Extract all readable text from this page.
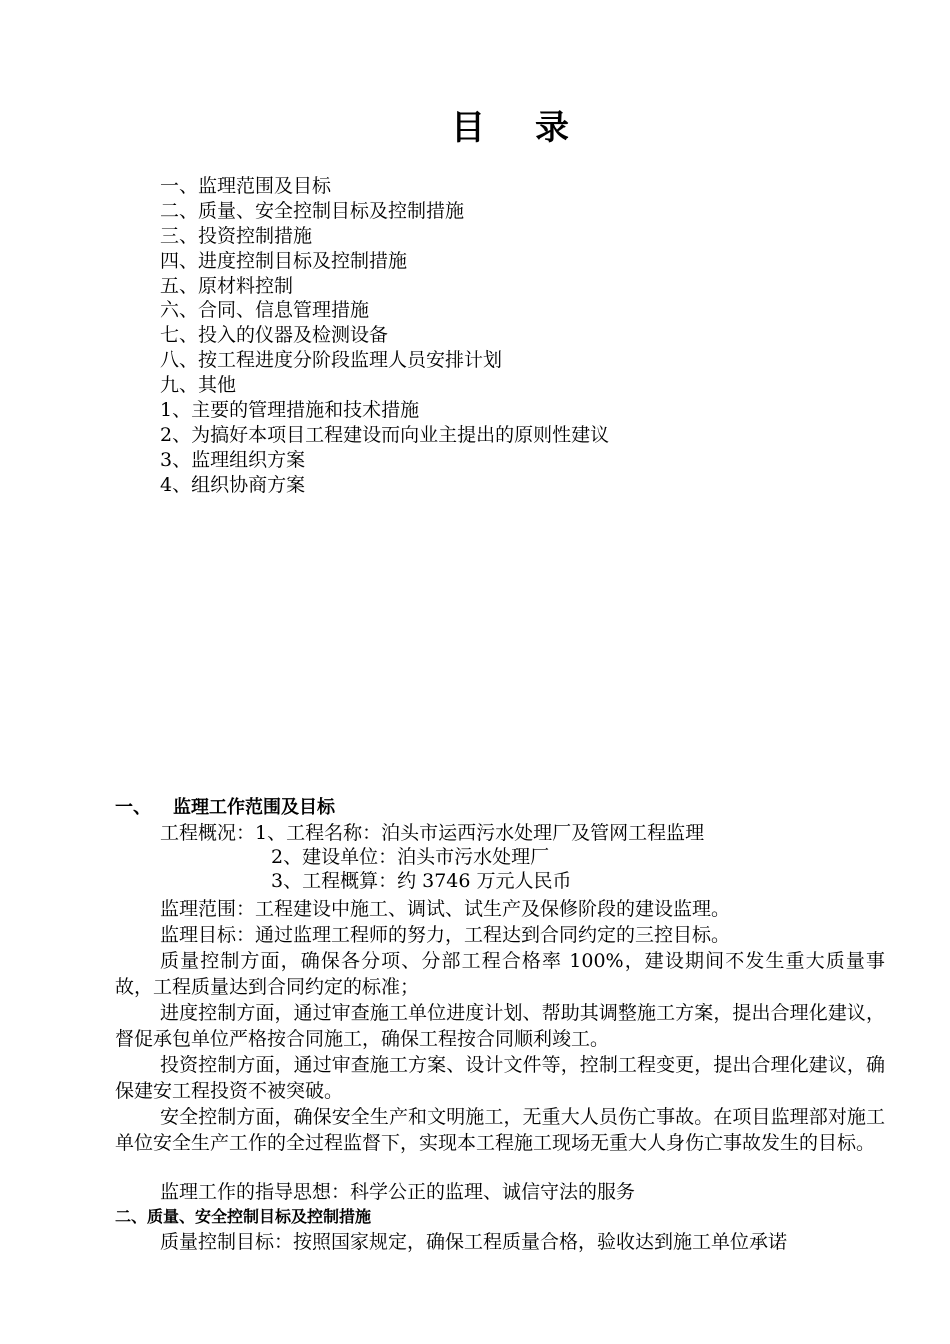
目录
一、监理范围及目标
二、质量、安全控制目标及控制措施
三、投资控制措施
四、进度控制目标及控制措施
五、原材料控制
六、合同、信息管理措施
七、投入的仪器及检测设备
八、按工程进度分阶段监理人员安排计划
九、其他
1、主要的管理措施和技术措施
2、为搞好本项目工程建设而向业主提出的原则性建议
3、监理组织方案
4、组织协商方案
一、 监理工作范围及目标
工程概况：1、工程名称：泊头市运西污水处理厂及管网工程监理
2、建设单位：泊头市污水处理厂
3、工程概算：约 3746 万元人民币
监理范围：工程建设中施工、调试、试生产及保修阶段的建设监理。
监理目标：通过监理工程师的努力，工程达到合同约定的三控目标。
质量控制方面，确保各分项、分部工程合格率 100%，建设期间不发生重大质量事故，工程质量达到合同约定的标准；
进度控制方面，通过审查施工单位进度计划、帮助其调整施工方案，提出合理化建议，督促承包单位严格按合同施工，确保工程按合同顺利竣工。
投资控制方面，通过审查施工方案、设计文件等，控制工程变更，提出合理化建议，确保建安工程投资不被突破。
安全控制方面，确保安全生产和文明施工，无重大人员伤亡事故。在项目监理部对施工单位安全生产工作的全过程监督下，实现本工程施工现场无重大人身伤亡事故发生的目标。
监理工作的指导思想：科学公正的监理、诚信守法的服务
二、质量、安全控制目标及控制措施
质量控制目标：按照国家规定，确保工程质量合格，验收达到施工单位承诺
